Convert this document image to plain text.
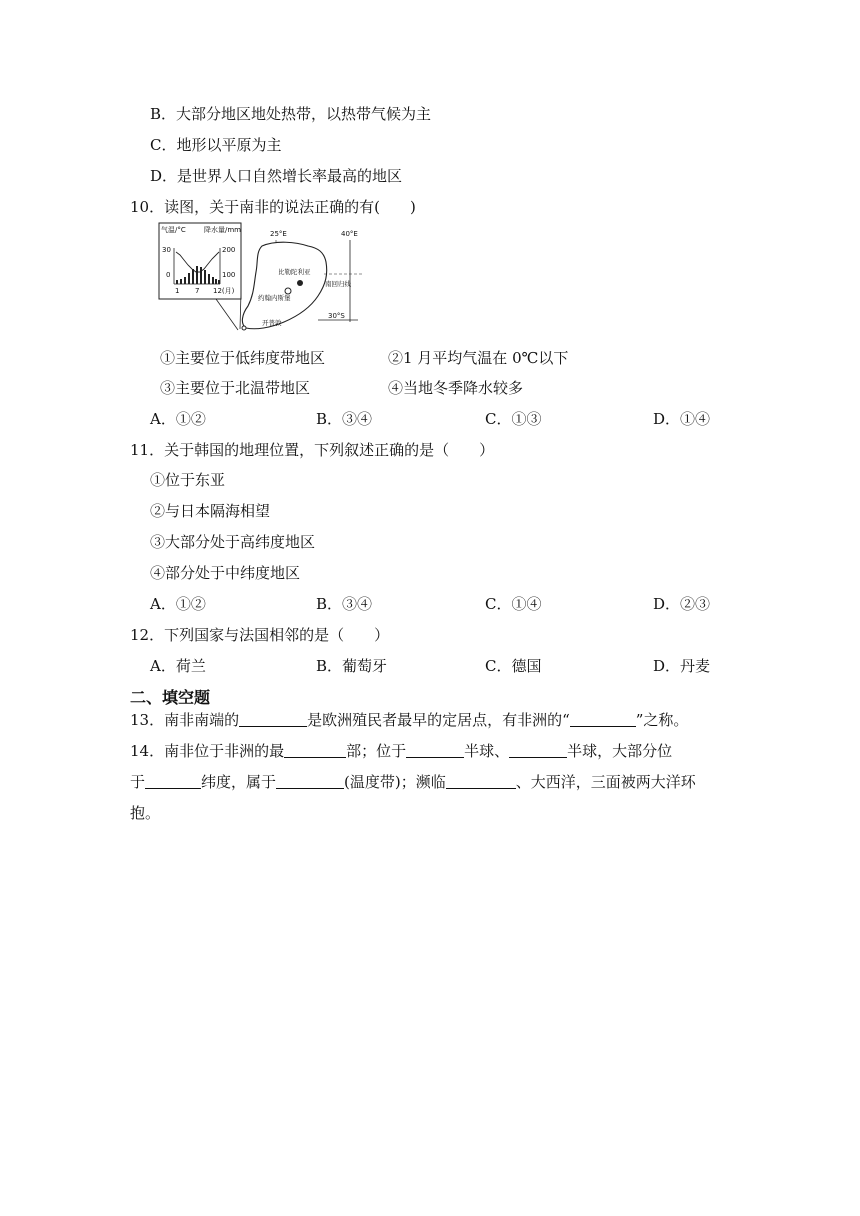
B．大部分地区地处热带，以热带气候为主
C．地形以平原为主
D．是世界人口自然增长率最高的地区
10．读图，关于南非的说法正确的有(　　)
气温/°C	降水量/mm
30
0
200
100
1 7 12(月)
25°E	40°E
南回归线
比勒陀利亚
约翰内斯堡
开普敦
30°S
①主要位于低纬度带地区	②1 月平均气温在 0℃以下
③主要位于北温带地区	④当地冬季降水较多
A．①②	B．③④	C．①③	D．①④
11．关于韩国的地理位置，下列叙述正确的是（　　）
①位于东亚
②与日本隔海相望
③大部分处于高纬度地区
④部分处于中纬度地区
A．①②	B．③④	C．①④	D．②③
12．下列国家与法国相邻的是（　　）
A．荷兰	B．葡萄牙	C．德国	D．丹麦
二、填空题
13．南非南端的	是欧洲殖民者最早的定居点，有非洲的“	”之称。
14．南非位于非洲的最	部；位于	半球、	半球，大部分位
于	纬度，属于	(温度带)；濒临	、大西洋，三面被两大洋环
抱。
